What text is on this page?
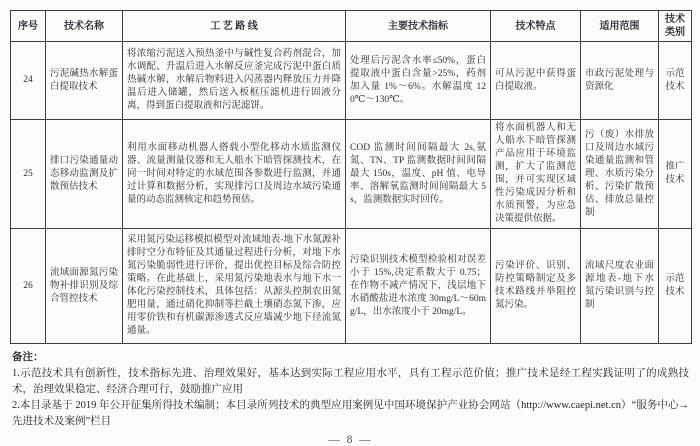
序号	技术名称	工 艺 路 线	主要技术指标	技术特点	适用范围	技术类别
24	污泥碱热水解蛋白提取技术	将浓缩污泥送入预热釜中与碱性复合药剂混合，加水调配、升温后进入水解反应釜完成污泥中蛋白质热碱水解，水解后物料进入闪蒸器内释放压力并降温后进入储罐，然后送入板框压滤机进行固液分离，得到蛋白提取液和污泥滤饼。	处理后污泥含水率≤50%，蛋白提取液中蛋白含量>25%，药剂加入量 1%～6%。水解温度 120℃～130℃。	可从污泥中获得蛋白提取液。	市政污泥处理与资源化	示范技术
25	排口污染通量动态移动监测及扩散预估技术	利用水面移动机器人搭载小型化移动水质监测仪器、流量测量仪器和无人船水下暗管探测技术，在同一时间对特定的水域范围各参数进行监测，并通过计算和数据分析，实现排污口及周边水域污染通量的动态监测核定和趋势预估。	COD 监测时间间隔最大 2s,氨氮、TN、TP 监测数据时间间隔最大 150s，温度、pH 值、电导率、溶解氧监测时间间隔最大 5s，监测数据实时回传。	将水面机器人和无人船水下暗管探测产品应用于环境监测，扩大了监测范围，并可实现区域性污染成因分析和水质预警，为应急决策提供依据。	污（废）水排放口及周边水域污染通量监测和管理、水质污染分析、污染扩散预估、排放总量控制	推广技术
26	流域面源氮污染物补排识别及综合管控技术	采用氮污染运移模拟模型对流域地表-地下水氮源补排时空分布特征及其通量过程进行分析，对地下水氮污染脆弱性进行评价，提出优控目标及综合防控策略。在此基础上，采用氮污染地表水与地下水一体化污染控制技术，具体包括：从源头控制农田氮肥用量，通过硝化抑制等拦截土壤硝态氮下渗，应用零价铁和有机碳源渗透式反应墙减少地下径流氮通量。	污染识别技术模型检验相对误差小于 15%,决定系数大于 0.75；在作物不减产情况下，浅层地下水硝酸盐进水浓度 30mg/L～60mg/L，出水浓度小于 20mg/L。	污染评价、识别、防控策略制定及多技术路线并举阻控氮污染。	流域尺度农业面源地表-地下水氮污染识别与控制	示范技术
备注：
1.示范技术具有创新性，技术指标先进、治理效果好，基本达到实际工程应用水平，具有工程示范价值；推广技术是经工程实践证明了的成熟技术，治理效果稳定、经济合理可行，鼓励推广应用
2.本目录基于 2019 年公开征集所得技术编制；本目录所列技术的典型应用案例见中国环境保护产业协会网站（http://www.caepi.net.cn）“服务中心→先进技术及案例”栏目
— 8 —
